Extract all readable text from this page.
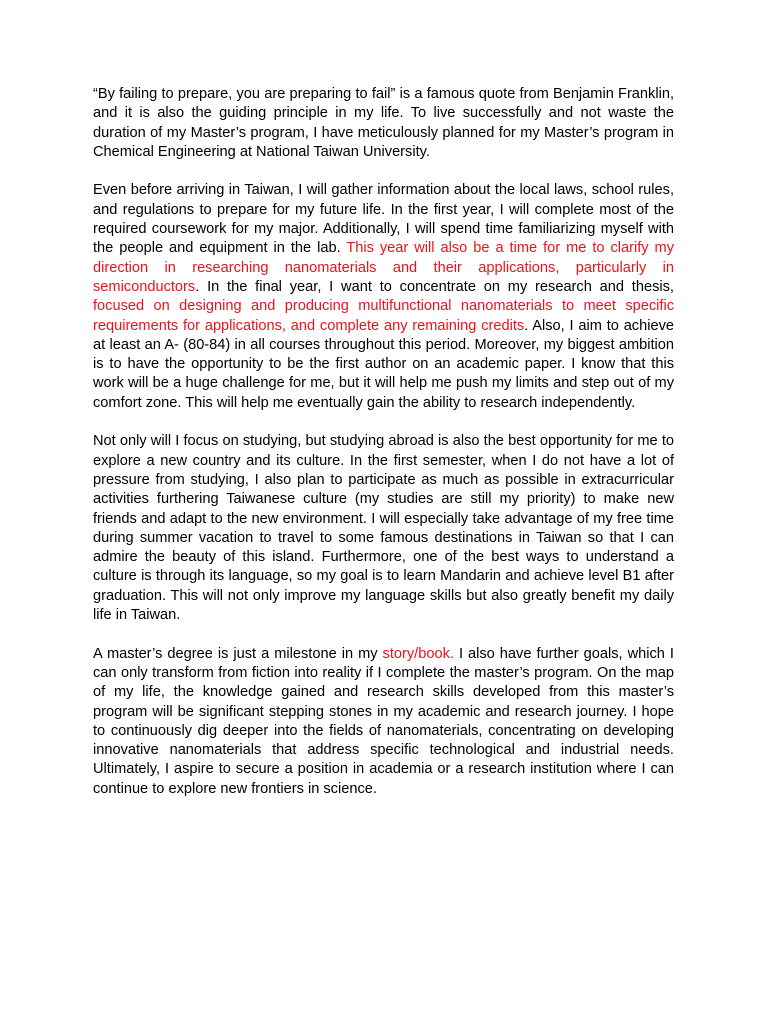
“By failing to prepare, you are preparing to fail” is a famous quote from Benjamin Franklin, and it is also the guiding principle in my life. To live successfully and not waste the duration of my Master’s program, I have meticulously planned for my Master’s program in Chemical Engineering at National Taiwan University.

Even before arriving in Taiwan, I will gather information about the local laws, school rules, and regulations to prepare for my future life. In the first year, I will complete most of the required coursework for my major. Additionally, I will spend time familiarizing myself with the people and equipment in the lab. This year will also be a time for me to clarify my direction in researching nanomaterials and their applications, particularly in semiconductors. In the final year, I want to concentrate on my research and thesis, focused on designing and producing multifunctional nanomaterials to meet specific requirements for applications, and complete any remaining credits. Also, I aim to achieve at least an A- (80-84) in all courses throughout this period. Moreover, my biggest ambition is to have the opportunity to be the first author on an academic paper. I know that this work will be a huge challenge for me, but it will help me push my limits and step out of my comfort zone. This will help me eventually gain the ability to research independently.

Not only will I focus on studying, but studying abroad is also the best opportunity for me to explore a new country and its culture. In the first semester, when I do not have a lot of pressure from studying, I also plan to participate as much as possible in extracurricular activities furthering Taiwanese culture (my studies are still my priority) to make new friends and adapt to the new environment. I will especially take advantage of my free time during summer vacation to travel to some famous destinations in Taiwan so that I can admire the beauty of this island. Furthermore, one of the best ways to understand a culture is through its language, so my goal is to learn Mandarin and achieve level B1 after graduation. This will not only improve my language skills but also greatly benefit my daily life in Taiwan.

A master’s degree is just a milestone in my story/book. I also have further goals, which I can only transform from fiction into reality if I complete the master’s program. On the map of my life, the knowledge gained and research skills developed from this master’s program will be significant stepping stones in my academic and research journey. I hope to continuously dig deeper into the fields of nanomaterials, concentrating on developing innovative nanomaterials that address specific technological and industrial needs. Ultimately, I aspire to secure a position in academia or a research institution where I can continue to explore new frontiers in science.
